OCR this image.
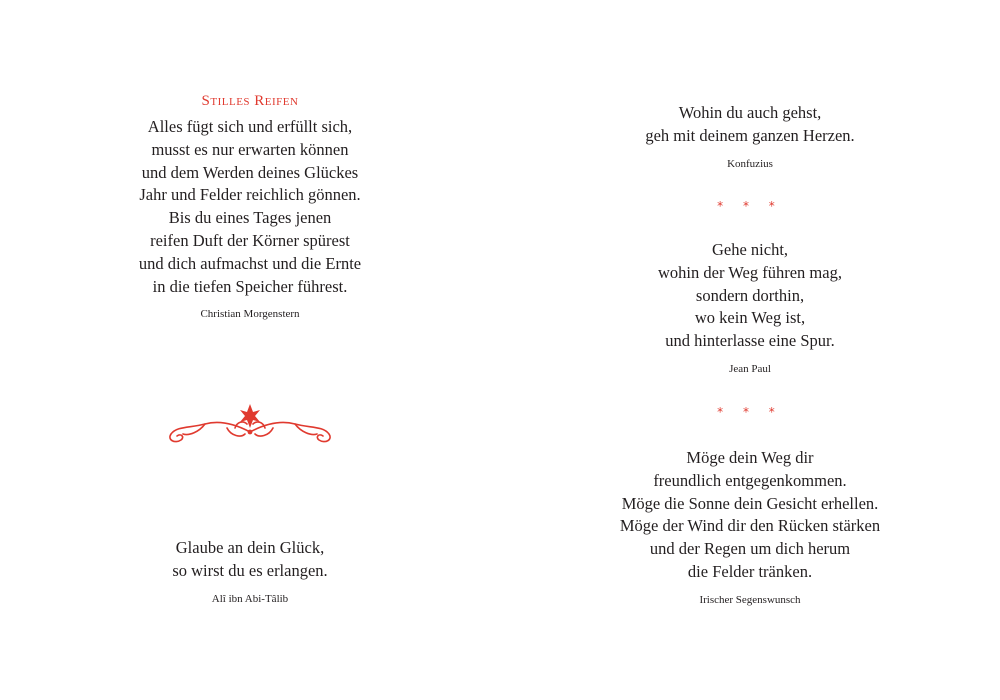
Stilles Reifen
Alles fügt sich und erfüllt sich,
musst es nur erwarten können
und dem Werden deines Glückes
Jahr und Felder reichlich gönnen.
Bis du eines Tages jenen
reifen Duft der Körner spürest
und dich aufmachst und die Ernte
in die tiefen Speicher führest.
Christian Morgenstern
Glaube an dein Glück,
so wirst du es erlangen.
Alî ibn Abi-Tâlib
Wohin du auch gehst,
geh mit deinem ganzen Herzen.
Konfuzius
* * *
Gehe nicht,
wohin der Weg führen mag,
sondern dorthin,
wo kein Weg ist,
und hinterlasse eine Spur.
Jean Paul
* * *
Möge dein Weg dir
freundlich entgegenkommen.
Möge die Sonne dein Gesicht erhellen.
Möge der Wind dir den Rücken stärken
und der Regen um dich herum
die Felder tränken.
Irischer Segenswunsch
